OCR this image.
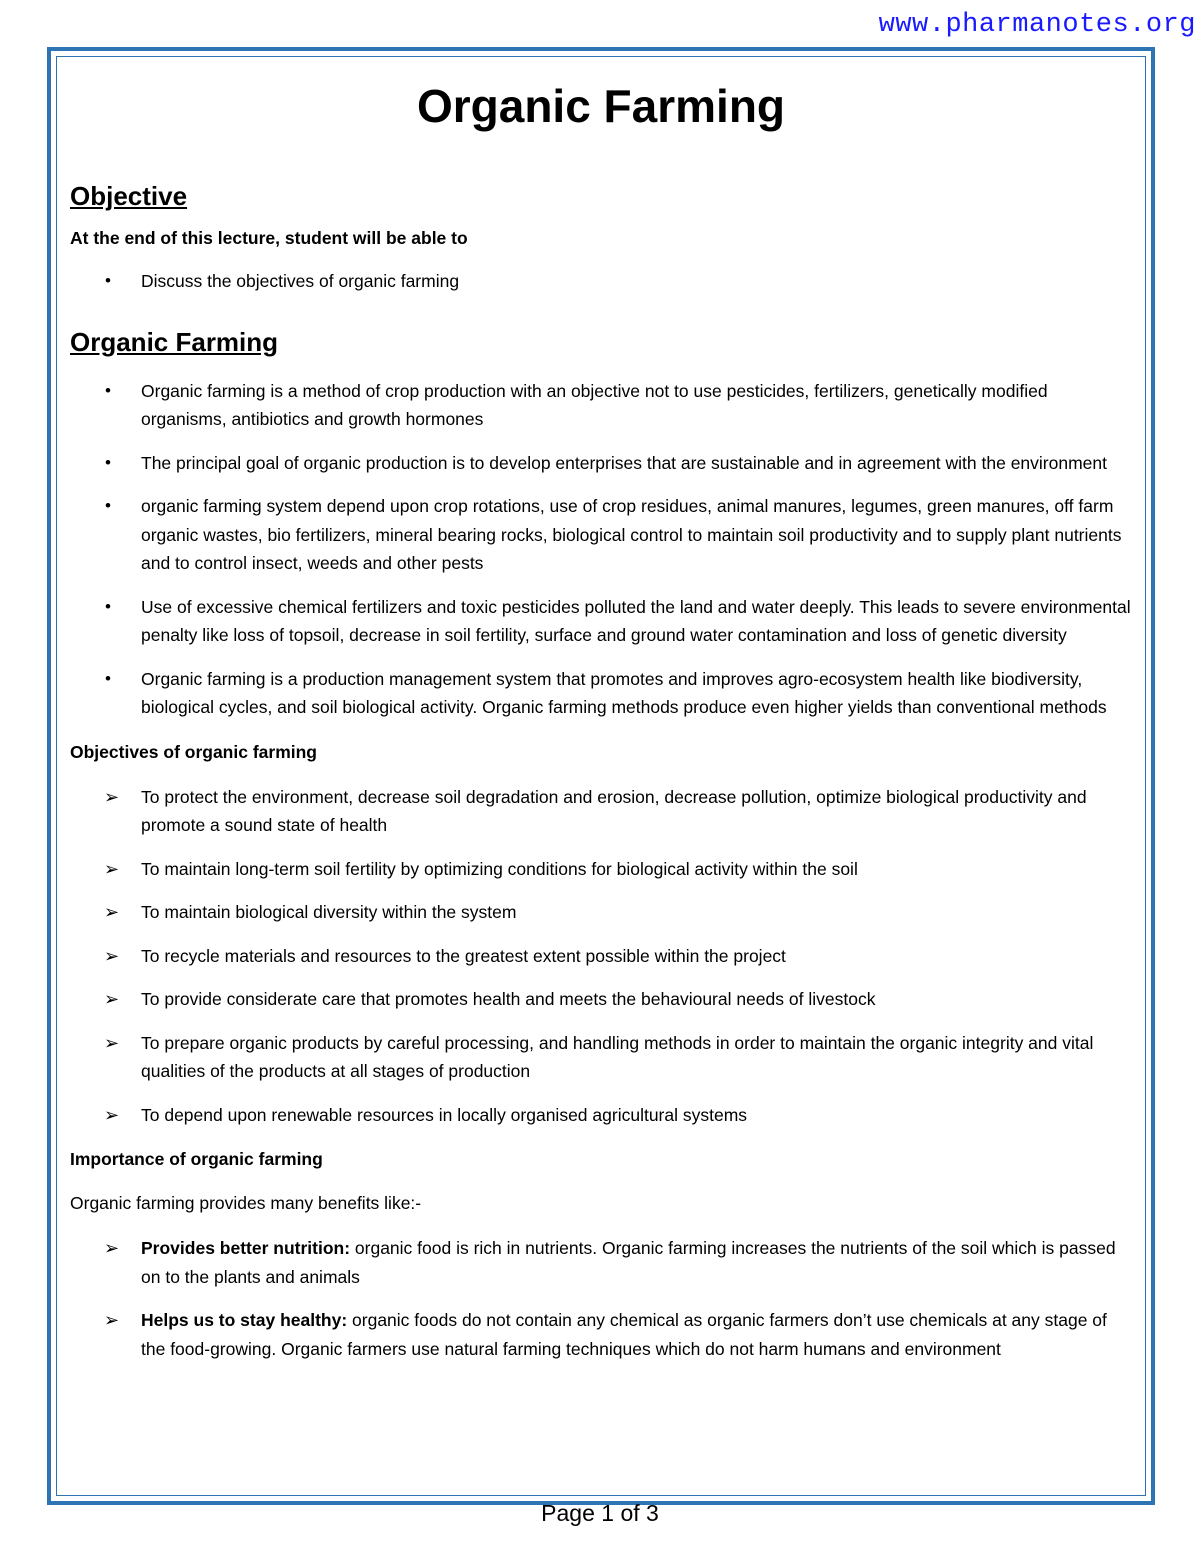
www.pharmanotes.org
Organic Farming
Objective

At the end of this lecture, student will be able to

• Discuss the objectives of organic farming
Organic Farming
• Organic farming is a method of crop production with an objective not to use pesticides, fertilizers, genetically modified organisms, antibiotics and growth hormones
• The principal goal of organic production is to develop enterprises that are sustainable and in agreement with the environment
• organic farming system depend upon crop rotations, use of crop residues, animal manures, legumes, green manures, off farm organic wastes, bio fertilizers, mineral bearing rocks, biological control to maintain soil productivity and to supply plant nutrients and to control insect, weeds and other pests
• Use of excessive chemical fertilizers and toxic pesticides polluted the land and water deeply. This leads to severe environmental penalty like loss of topsoil, decrease in soil fertility, surface and ground water contamination and loss of genetic diversity
• Organic farming is a production management system that promotes and improves agro-ecosystem health like biodiversity, biological cycles, and soil biological activity. Organic farming methods produce even higher yields than conventional methods
Objectives of organic farming
➢ To protect the environment, decrease soil degradation and erosion, decrease pollution, optimize biological productivity and promote a sound state of health
➢ To maintain long-term soil fertility by optimizing conditions for biological activity within the soil
➢ To maintain biological diversity within the system
➢ To recycle materials and resources to the greatest extent possible within the project
➢ To provide considerate care that promotes health and meets the behavioural needs of livestock
➢ To prepare organic products by careful processing, and handling methods in order to maintain the organic integrity and vital qualities of the products at all stages of production
➢ To depend upon renewable resources in locally organised agricultural systems
Importance of organic farming

Organic farming provides many benefits like:-

➢ Provides better nutrition: organic food is rich in nutrients. Organic farming increases the nutrients of the soil which is passed on to the plants and animals
➢ Helps us to stay healthy: organic foods do not contain any chemical as organic farmers don’t use chemicals at any stage of the food-growing. Organic farmers use natural farming techniques which do not harm humans and environment
Page 1 of 3
